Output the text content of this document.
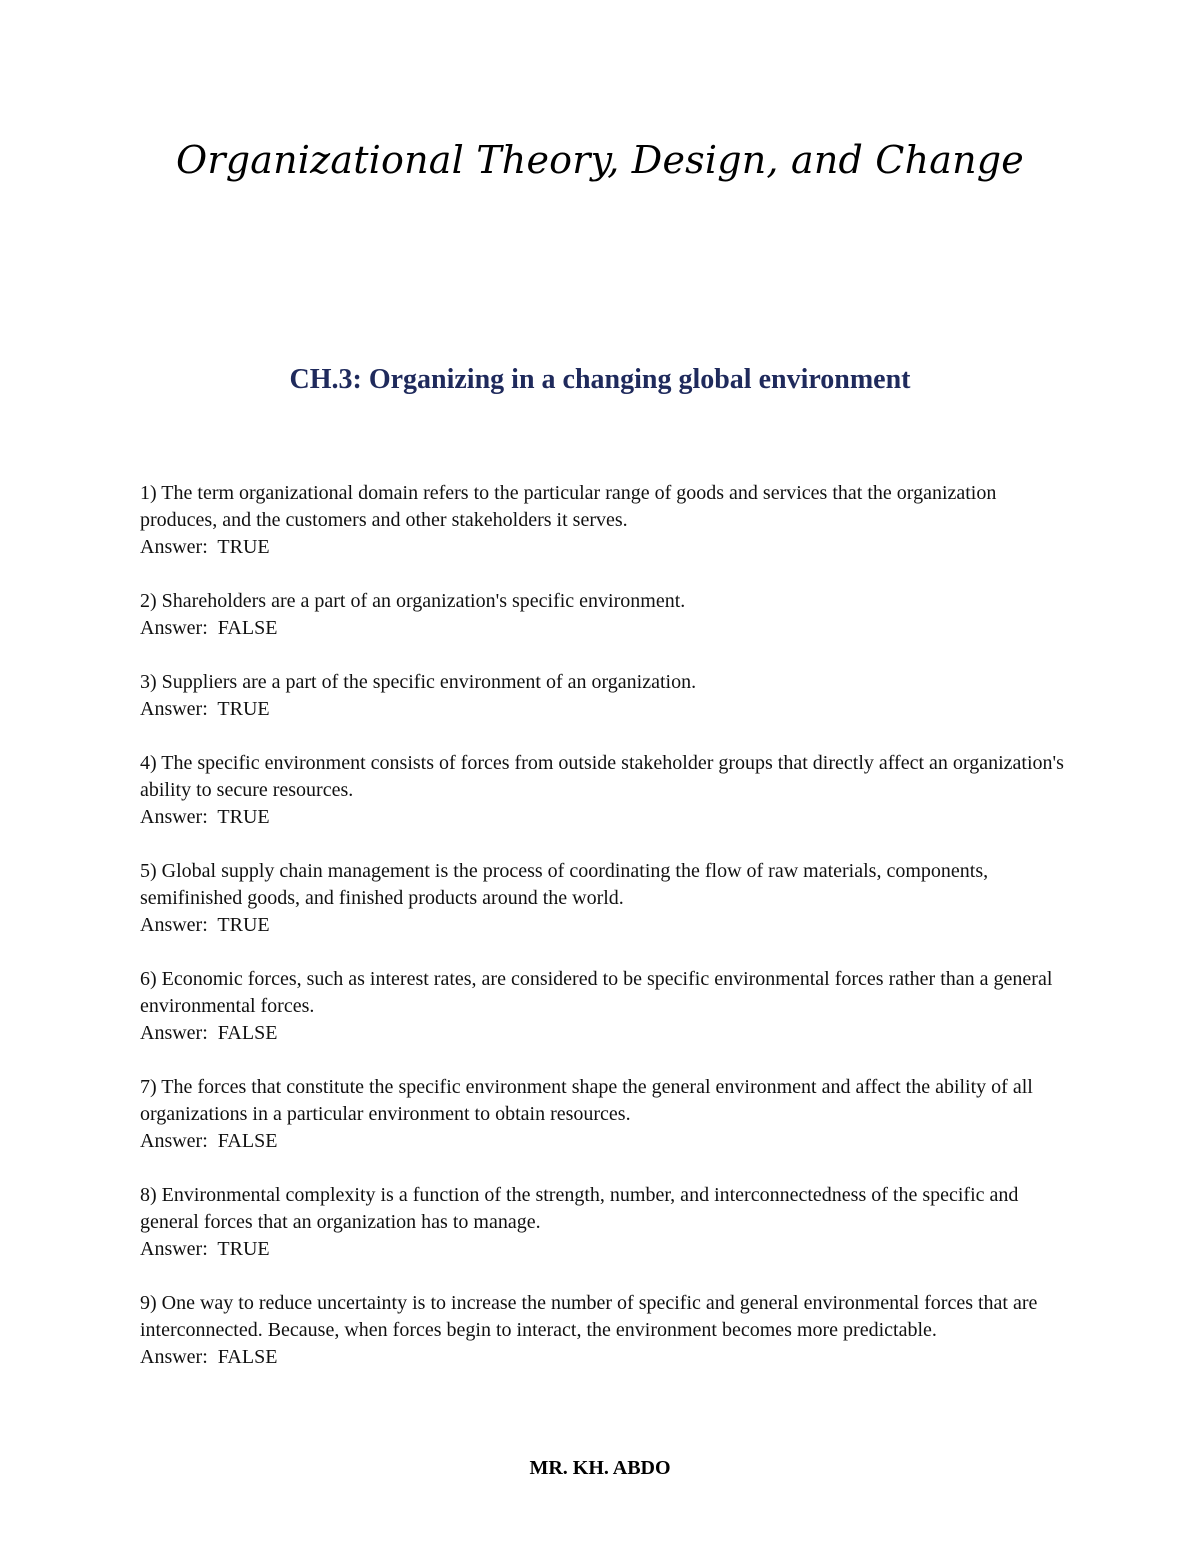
Organizational Theory, Design, and Change
CH.3: Organizing in a changing global environment
1) The term organizational domain refers to the particular range of goods and services that the organization produces, and the customers and other stakeholders it serves.
Answer: TRUE
2) Shareholders are a part of an organization's specific environment.
Answer: FALSE
3) Suppliers are a part of the specific environment of an organization.
Answer: TRUE
4) The specific environment consists of forces from outside stakeholder groups that directly affect an organization's ability to secure resources.
Answer: TRUE
5) Global supply chain management is the process of coordinating the flow of raw materials, components, semifinished goods, and finished products around the world.
Answer: TRUE
6) Economic forces, such as interest rates, are considered to be specific environmental forces rather than a general environmental forces.
Answer: FALSE
7) The forces that constitute the specific environment shape the general environment and affect the ability of all organizations in a particular environment to obtain resources.
Answer: FALSE
8) Environmental complexity is a function of the strength, number, and interconnectedness of the specific and general forces that an organization has to manage.
Answer: TRUE
9) One way to reduce uncertainty is to increase the number of specific and general environmental forces that are interconnected. Because, when forces begin to interact, the environment becomes more predictable.
Answer: FALSE
MR. KH. ABDO
